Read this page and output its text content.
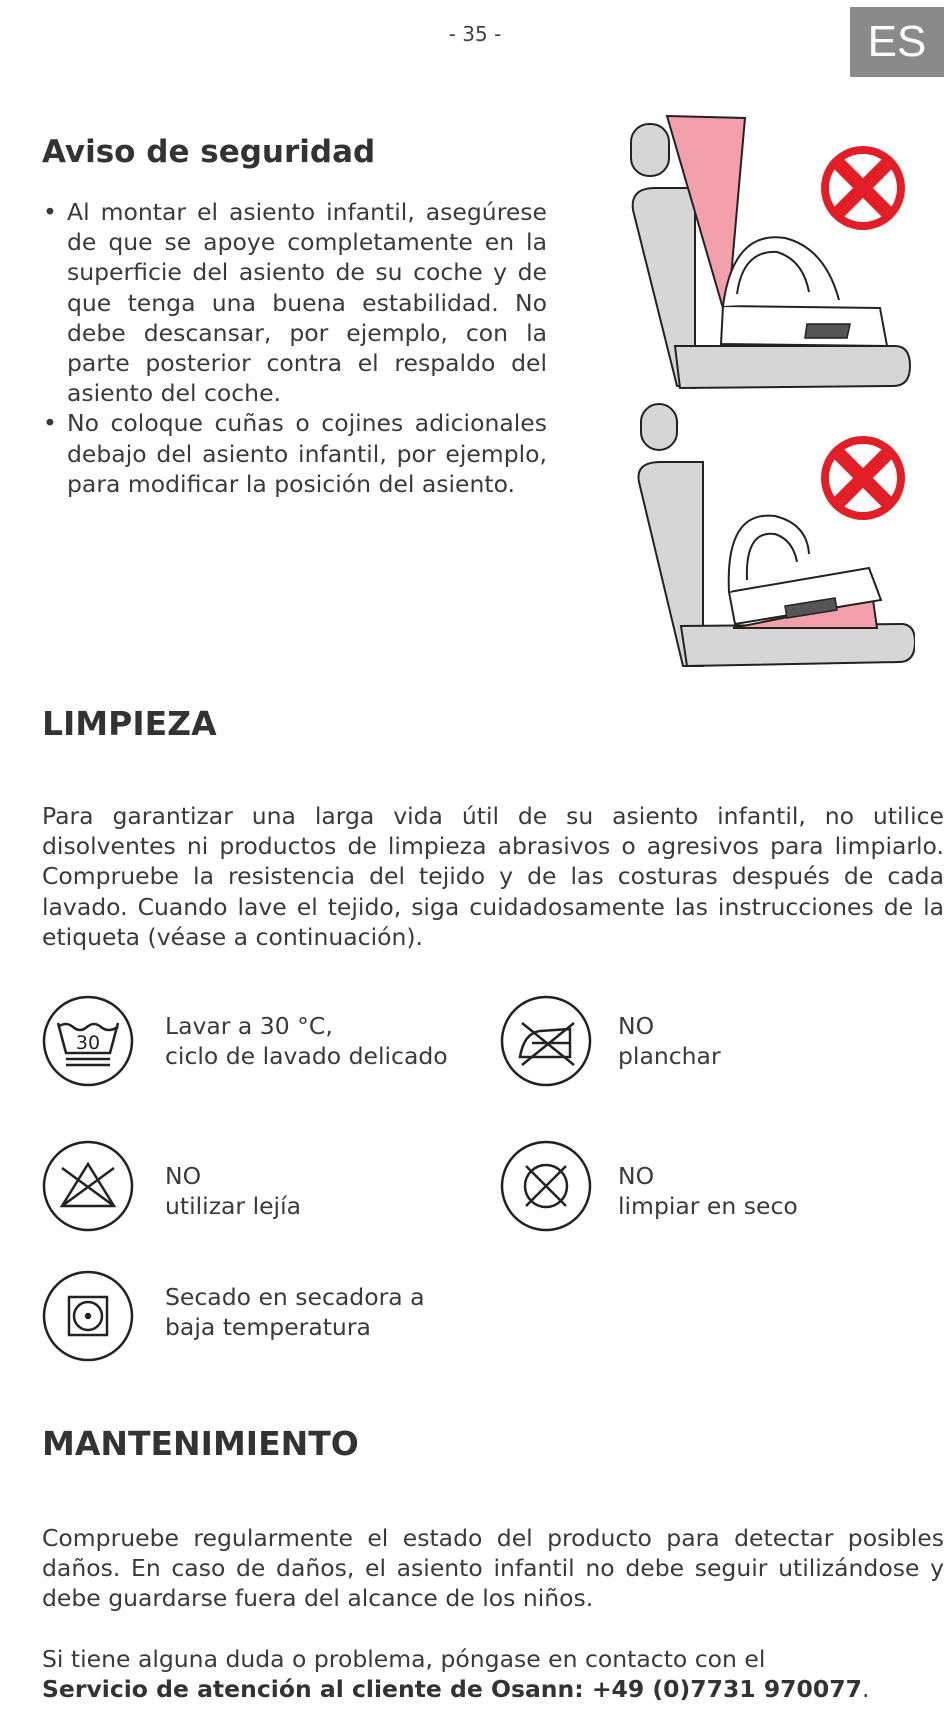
- 35 -	ES
Aviso de seguridad
• Al montar el asiento infantil, asegúrese de que se apoye completamente en la superficie del asiento de su coche y de que tenga una buena estabilidad. No debe descansar, por ejemplo, con la parte posterior contra el respaldo del asiento del coche.
• No coloque cuñas o cojines adicionales debajo del asiento infantil, por ejemplo, para modificar la posición del asiento.
LIMPIEZA

Para garantizar una larga vida útil de su asiento infantil, no utilice disolventes ni productos de limpieza abrasivos o agresivos para limpiarlo. Compruebe la resistencia del tejido y de las costuras después de cada lavado. Cuando lave el tejido, siga cuidadosamente las instrucciones de la etiqueta (véase a continuación).

30
Lavar a 30 °C,
ciclo de lavado delicado
NO
planchar
NO
utilizar lejía
NO
limpiar en seco
Secado en secadora a
baja temperatura
MANTENIMIENTO

Compruebe regularmente el estado del producto para detectar posibles daños. En caso de daños, el asiento infantil no debe seguir utilizándose y debe guardarse fuera del alcance de los niños.

Si tiene alguna duda o problema, póngase en contacto con el
Servicio de atención al cliente de Osann: +49 (0)7731 970077.
